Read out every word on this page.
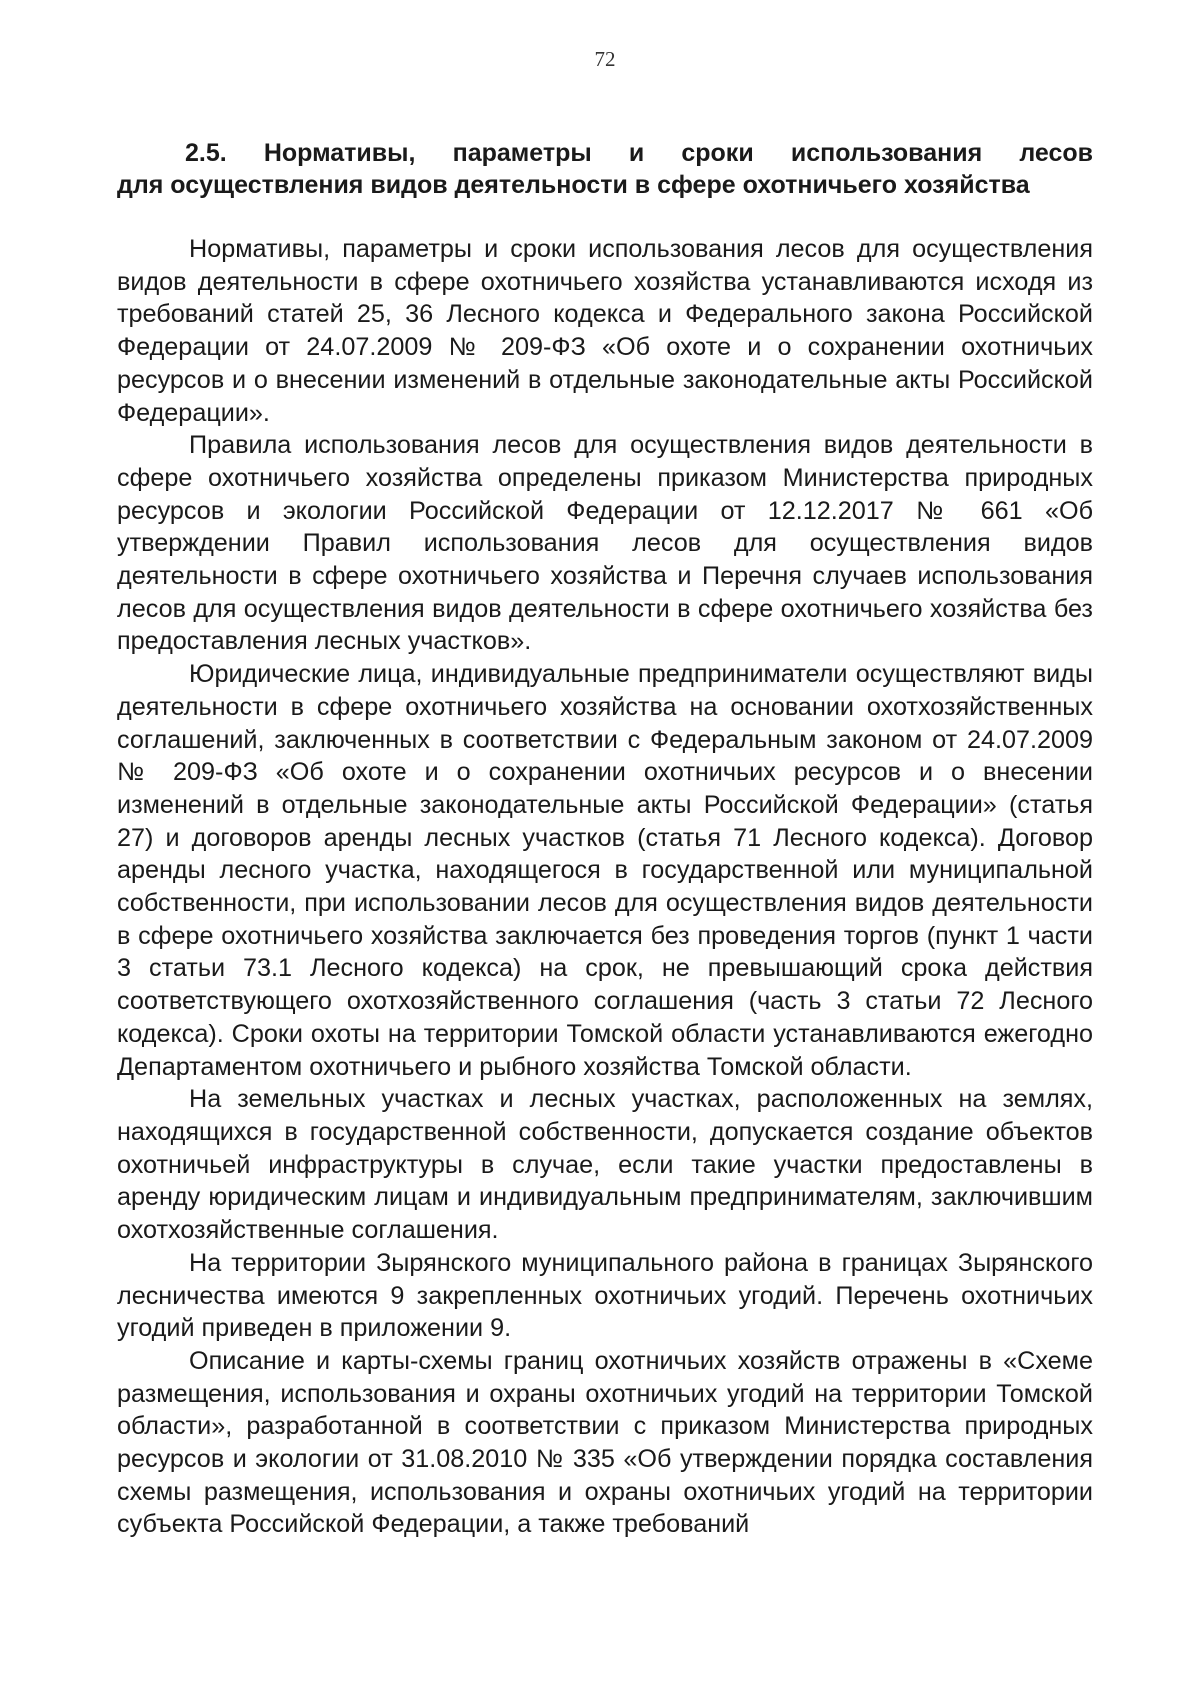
72
2.5. Нормативы, параметры и сроки использования лесов
для осуществления видов деятельности в сфере охотничьего хозяйства

Нормативы, параметры и сроки использования лесов для осуществления видов деятельности в сфере охотничьего хозяйства устанавливаются исходя из требований статей 25, 36 Лесного кодекса и Федерального закона Российской Федерации от 24.07.2009 № 209-ФЗ «Об охоте и о сохранении охотничьих ресурсов и о внесении изменений в отдельные законодательные акты Российской Федерации».

Правила использования лесов для осуществления видов деятельности в сфере охотничьего хозяйства определены приказом Министерства природных ресурсов и экологии Российской Федерации от 12.12.2017 № 661 «Об утверждении Правил использования лесов для осуществления видов деятельности в сфере охотничьего хозяйства и Перечня случаев использования лесов для осуществления видов деятельности в сфере охотничьего хозяйства без предоставления лесных участков».

Юридические лица, индивидуальные предприниматели осуществляют виды деятельности в сфере охотничьего хозяйства на основании охотхозяйственных соглашений, заключенных в соответствии с Федеральным законом от 24.07.2009 № 209-ФЗ «Об охоте и о сохранении охотничьих ресурсов и о внесении изменений в отдельные законодательные акты Российской Федерации» (статья 27) и договоров аренды лесных участков (статья 71 Лесного кодекса). Договор аренды лесного участка, находящегося в государственной или муниципальной собственности, при использовании лесов для осуществления видов деятельности в сфере охотничьего хозяйства заключается без проведения торгов (пункт 1 части 3 статьи 73.1 Лесного кодекса) на срок, не превышающий срока действия соответствующего охотхозяйственного соглашения (часть 3 статьи 72 Лесного кодекса). Сроки охоты на территории Томской области устанавливаются ежегодно Департаментом охотничьего и рыбного хозяйства Томской области.

На земельных участках и лесных участках, расположенных на землях, находящихся в государственной собственности, допускается создание объектов охотничьей инфраструктуры в случае, если такие участки предоставлены в аренду юридическим лицам и индивидуальным предпринимателям, заключившим охотхозяйственные соглашения.

На территории Зырянского муниципального района в границах Зырянского лесничества имеются 9 закрепленных охотничьих угодий. Перечень охотничьих угодий приведен в приложении 9.

Описание и карты-схемы границ охотничьих хозяйств отражены в «Схеме размещения, использования и охраны охотничьих угодий на территории Томской области», разработанной в соответствии с приказом Министерства природных ресурсов и экологии от 31.08.2010 № 335 «Об утверждении порядка составления схемы размещения, использования и охраны охотничьих угодий на территории субъекта Российской Федерации, а также требований
